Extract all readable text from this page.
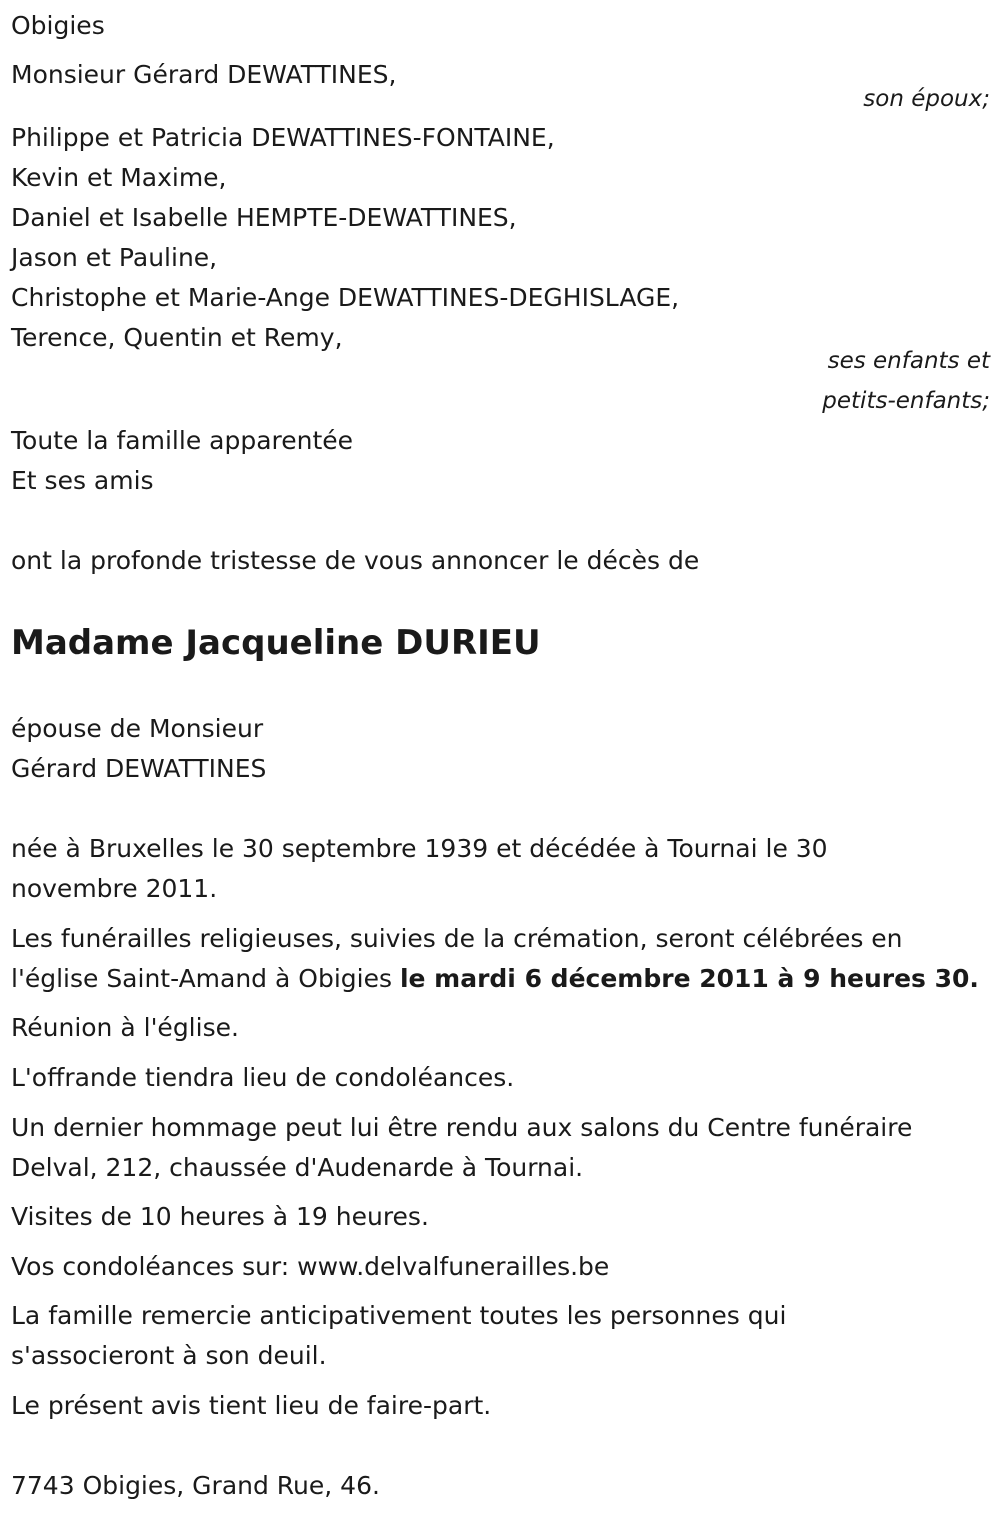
Obigies
Monsieur Gérard DEWATTINES,
son époux;
Philippe et Patricia DEWATTINES-FONTAINE,
Kevin et Maxime,
Daniel et Isabelle HEMPTE-DEWATTINES,
Jason et Pauline,
Christophe et Marie-Ange DEWATTINES-DEGHISLAGE,
Terence, Quentin et Remy,
ses enfants et
petits-enfants;
Toute la famille apparentée
Et ses amis
ont la profonde tristesse de vous annoncer le décès de
Madame Jacqueline DURIEU
épouse de Monsieur
Gérard DEWATTINES
née à Bruxelles le 30 septembre 1939 et décédée à Tournai le 30
novembre 2011.
Les funérailles religieuses, suivies de la crémation, seront célébrées en
l'église Saint-Amand à Obigies le mardi 6 décembre 2011 à 9 heures 30.
Réunion à l'église.
L'offrande tiendra lieu de condoléances.
Un dernier hommage peut lui être rendu aux salons du Centre funéraire
Delval, 212, chaussée d'Audenarde à Tournai.
Visites de 10 heures à 19 heures.
Vos condoléances sur: www.delvalfunerailles.be
La famille remercie anticipativement toutes les personnes qui
s'associeront à son deuil.
Le présent avis tient lieu de faire-part.
7743 Obigies, Grand Rue, 46.
